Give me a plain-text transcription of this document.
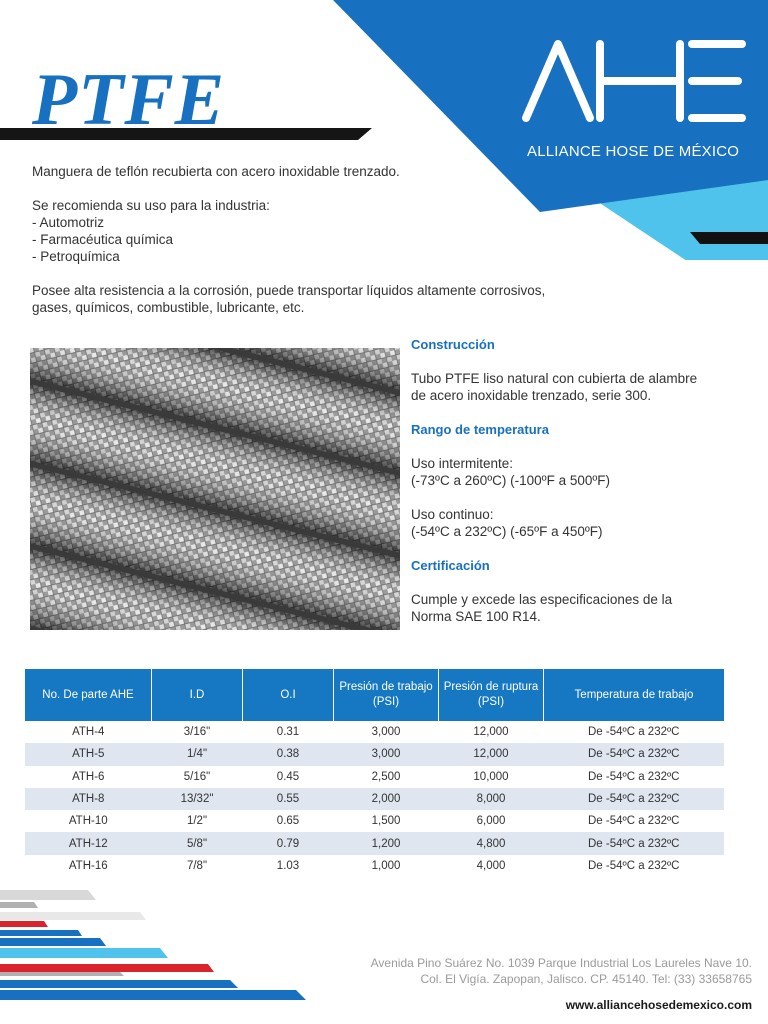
PTFE
ALLIANCE HOSE DE MÉXICO

Manguera de teflón recubierta con acero inoxidable trenzado.

Se recomienda su uso para la industria:
- Automotriz
- Farmacéutica química
- Petroquímica

Posee alta resistencia a la corrosión, puede transportar líquidos altamente corrosivos, gases, químicos, combustible, lubricante, etc.

Construcción

Tubo PTFE liso natural con cubierta de alambre de acero inoxidable trenzado, serie 300.

Rango de temperatura
Uso intermitente:

(-73ºC a 260ºC) (-100ºF a 500ºF)

Uso continuo:

(-54ºC a 232ºC) (-65ºF a 450ºF)

Certificación

Cumple y excede las especificaciones de la Norma SAE 100 R14.

No. De parte AHE	I.D	O.I	Presión de trabajo (PSI)	Presión de ruptura (PSI)	Temperatura de trabajo
ATH-4	3/16"	0.31	3,000	12,000	De -54ºC a 232ºC
ATH-5	1/4"	0.38	3,000	12,000	De -54ºC a 232ºC
ATH-6	5/16"	0.45	2,500	10,000	De -54ºC a 232ºC
ATH-8	13/32"	0.55	2,000	8,000	De -54ºC a 232ºC
ATH-10	1/2"	0.65	1,500	6,000	De -54ºC a 232ºC
ATH-12	5/8"	0.79	1,200	4,800	De -54ºC a 232ºC
ATH-16	7/8"	1.03	1,000	4,000	De -54ºC a 232ºC
Avenida Pino Suárez No. 1039 Parque Industrial Los Laureles Nave 10.
Col. El Vigía. Zapopan, Jalisco. CP. 45140. Tel: (33) 33658765
www.alliancehosedemexico.com
